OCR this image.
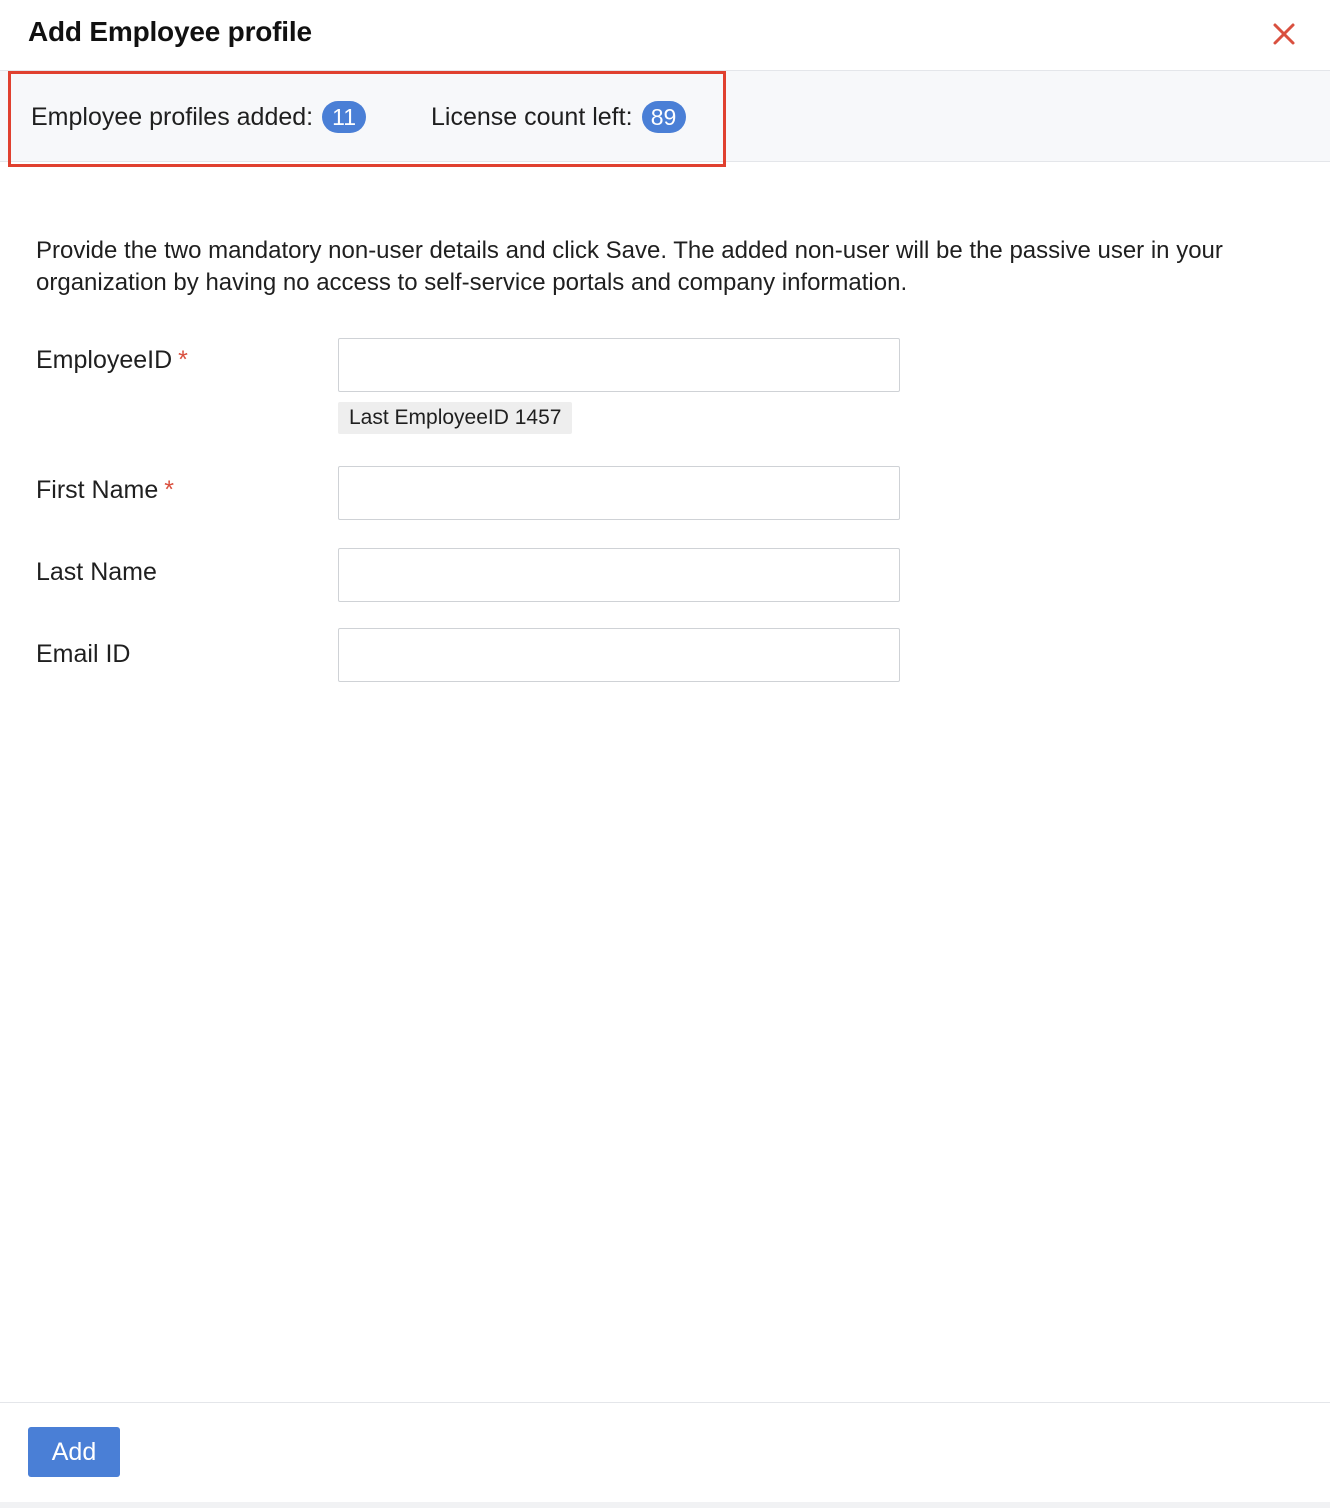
Add Employee profile
Employee profiles added: 11	License count left: 89
Provide the two mandatory non-user details and click Save. The added non-user will be the passive user in your organization by having no access to self-service portals and company information.
EmployeeID *
Last EmployeeID 1457
First Name *
Last Name
Email ID
Add
